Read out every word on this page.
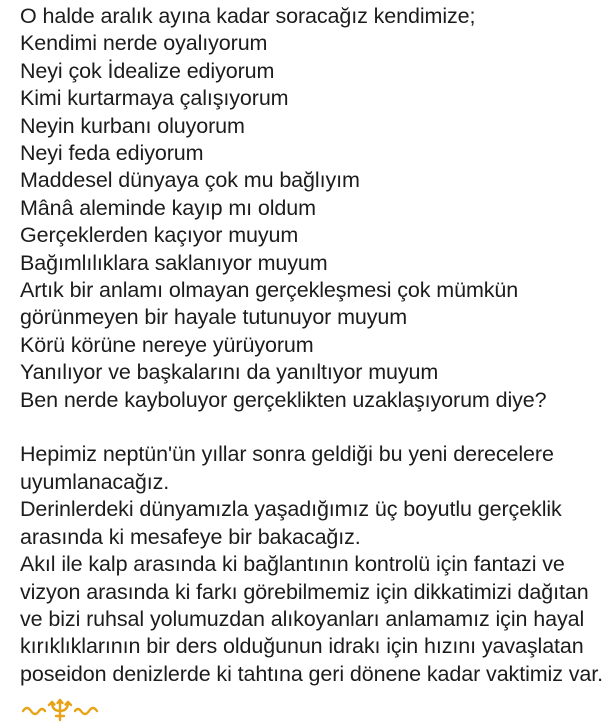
O halde aralık ayına kadar soracağız kendimize;
Kendimi nerde oyalıyorum
Neyi çok İdealize ediyorum
Kimi kurtarmaya çalışıyorum
Neyin kurbanı oluyorum
Neyi feda ediyorum
Maddesel dünyaya çok mu bağlıyım
Mânâ aleminde kayıp mı oldum
Gerçeklerden kaçıyor muyum
Bağımlılıklara saklanıyor muyum
Artık bir anlamı olmayan gerçekleşmesi çok mümkün
görünmeyen bir hayale tutunuyor muyum
Körü körüne nereye yürüyorum
Yanılıyor ve başkalarını da yanıltıyor muyum
Ben nerde kayboluyor gerçeklikten uzaklaşıyorum diye?
Hepimiz neptün'ün yıllar sonra geldiği bu yeni derecelere
uyumlanacağız.
Derinlerdeki dünyamızla yaşadığımız üç boyutlu gerçeklik
arasında ki mesafeye bir bakacağız.
Akıl ile kalp arasında ki bağlantının kontrolü için fantazi ve
vizyon arasında ki farkı görebilmemiz için dikkatimizi dağıtan
ve bizi ruhsal yolumuzdan alıkoyanları anlamamız için hayal
kırıklıklarının bir ders olduğunun idrakı için hızını yavaşlatan
poseidon denizlerde ki tahtına geri dönene kadar vaktimiz var.
